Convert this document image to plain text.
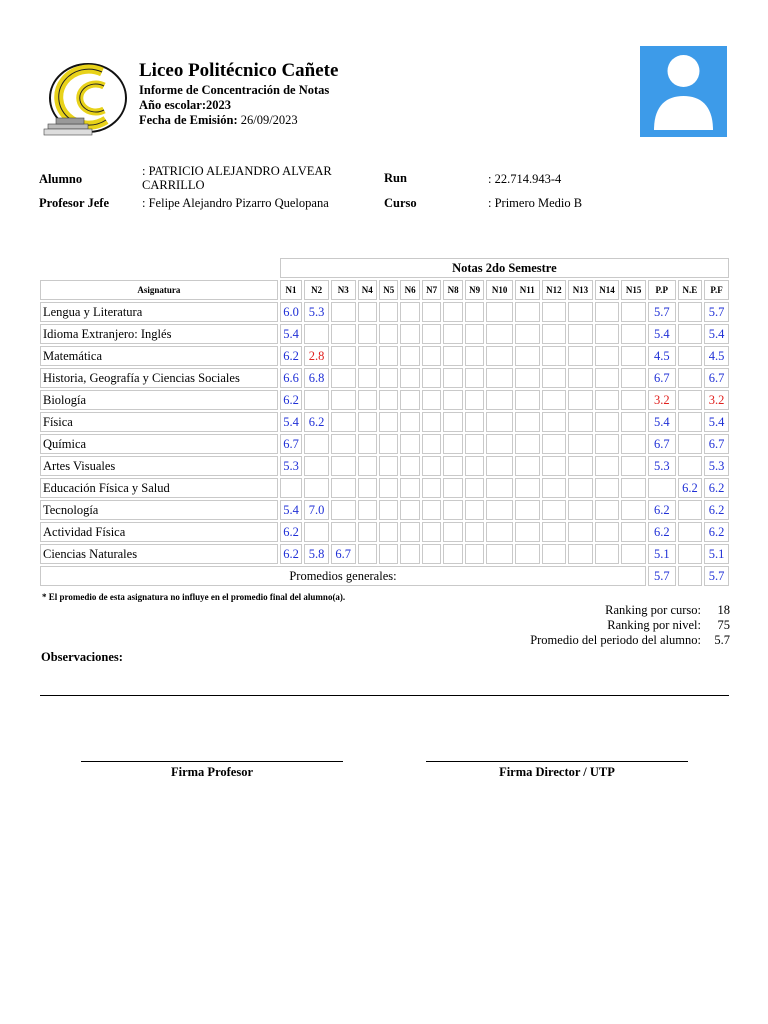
Liceo Politécnico Cañete
Informe de Concentración de Notas
Año escolar:2023
Fecha de Emisión: 26/09/2023
Alumno
: PATRICIO ALEJANDRO ALVEAR CARRILLO	Run	: 22.714.943-4
Profesor Jefe	: Felipe Alejandro Pizarro Quelopana	Curso	: Primero Medio B
	Notas 2do Semestre																	
Asignatura	N1	N2	N3	N4	N5	N6	N7	N8	N9	N10	N11	N12	N13	N14	N15	P.P	N.E	P.F
Lengua y Literatura	6.0	5.3														5.7		5.7
Idioma Extranjero: Inglés	5.4															5.4		5.4
Matemática	6.2	2.8														4.5		4.5
Historia, Geografía y Ciencias Sociales	6.6	6.8														6.7		6.7
Biología	6.2															3.2		3.2
Física	5.4	6.2														5.4		5.4
Química	6.7															6.7		6.7
Artes Visuales	5.3															5.3		5.3
Educación Física y Salud																	6.2	6.2
Tecnología	5.4	7.0														6.2		6.2
Actividad Física	6.2															6.2		6.2
Ciencias Naturales	6.2	5.8	6.7													5.1		5.1
Promedios generales:																5.7		5.7
* El promedio de esta asignatura no influye en el promedio final del alumno(a).
Ranking por curso: 18
Ranking por nivel: 75
Promedio del periodo del alumno: 5.7
Observaciones:
Firma Profesor	Firma Director / UTP
